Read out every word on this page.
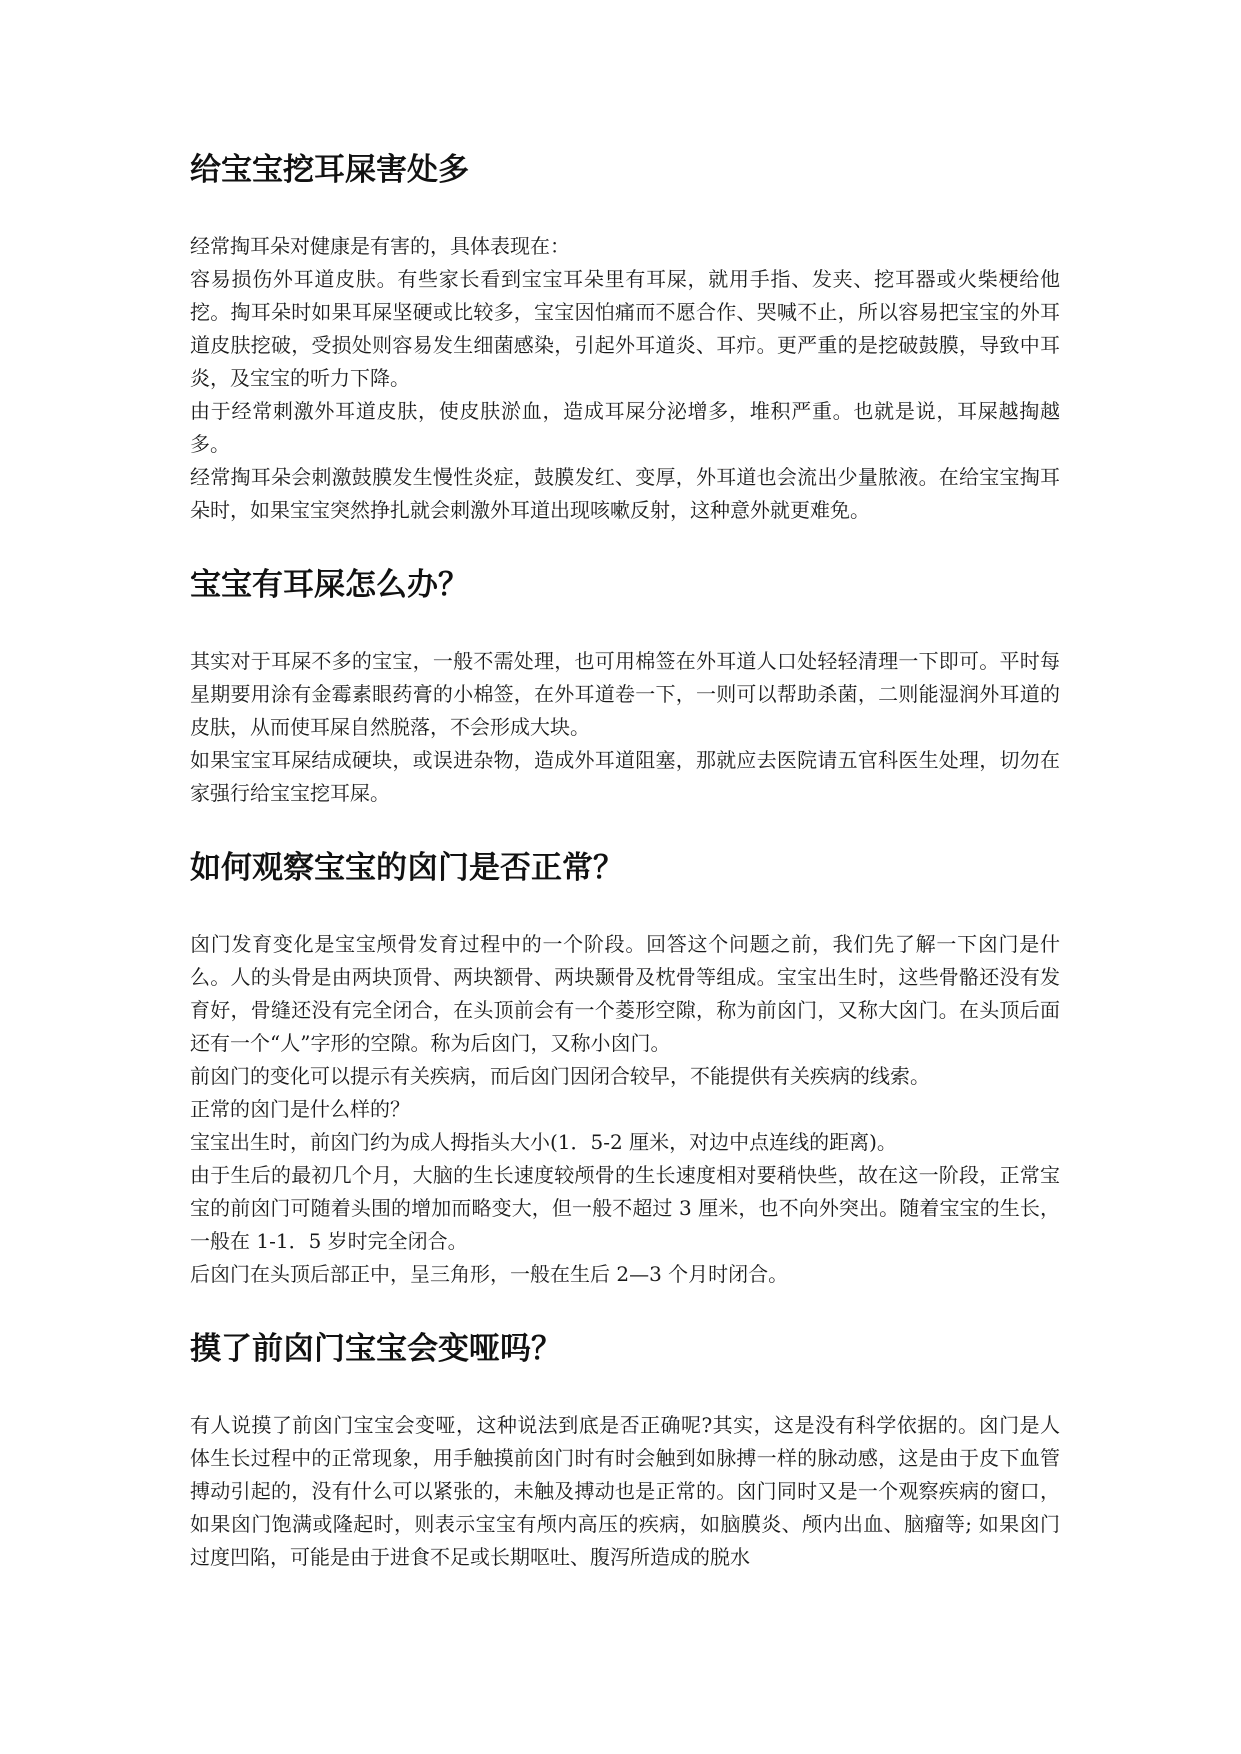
给宝宝挖耳屎害处多

经常掏耳朵对健康是有害的，具体表现在：

容易损伤外耳道皮肤。有些家长看到宝宝耳朵里有耳屎，就用手指、发夹、挖耳器或火柴梗给他挖。掏耳朵时如果耳屎坚硬或比较多，宝宝因怕痛而不愿合作、哭喊不止，所以容易把宝宝的外耳道皮肤挖破，受损处则容易发生细菌感染，引起外耳道炎、耳疖。更严重的是挖破鼓膜，导致中耳炎，及宝宝的听力下降。

由于经常刺激外耳道皮肤，使皮肤淤血，造成耳屎分泌增多，堆积严重。也就是说，耳屎越掏越多。

经常掏耳朵会刺激鼓膜发生慢性炎症，鼓膜发红、变厚，外耳道也会流出少量脓液。在给宝宝掏耳朵时，如果宝宝突然挣扎就会刺激外耳道出现咳嗽反射，这种意外就更难免。

宝宝有耳屎怎么办？

其实对于耳屎不多的宝宝，一般不需处理，也可用棉签在外耳道人口处轻轻清理一下即可。平时每星期要用涂有金霉素眼药膏的小棉签，在外耳道卷一下，一则可以帮助杀菌，二则能湿润外耳道的皮肤，从而使耳屎自然脱落，不会形成大块。

如果宝宝耳屎结成硬块，或误进杂物，造成外耳道阻塞，那就应去医院请五官科医生处理，切勿在家强行给宝宝挖耳屎。

如何观察宝宝的囟门是否正常？

囟门发育变化是宝宝颅骨发育过程中的一个阶段。回答这个问题之前，我们先了解一下囟门是什么。人的头骨是由两块顶骨、两块额骨、两块颞骨及枕骨等组成。宝宝出生时，这些骨骼还没有发育好，骨缝还没有完全闭合，在头顶前会有一个菱形空隙，称为前囟门，又称大囟门。在头顶后面还有一个“人”字形的空隙。称为后囟门，又称小囟门。

前囟门的变化可以提示有关疾病，而后囟门因闭合较早，不能提供有关疾病的线索。

正常的囟门是什么样的？

宝宝出生时，前囟门约为成人拇指头大小(1．5-2 厘米，对边中点连线的距离)。

由于生后的最初几个月，大脑的生长速度较颅骨的生长速度相对要稍快些，故在这一阶段，正常宝宝的前囟门可随着头围的增加而略变大，但一般不超过 3 厘米，也不向外突出。随着宝宝的生长，一般在 1-1．5 岁时完全闭合。

后囟门在头顶后部正中，呈三角形，一般在生后 2—3 个月时闭合。

摸了前囟门宝宝会变哑吗？

有人说摸了前囟门宝宝会变哑，这种说法到底是否正确呢?其实，这是没有科学依据的。囟门是人体生长过程中的正常现象，用手触摸前囟门时有时会触到如脉搏一样的脉动感，这是由于皮下血管搏动引起的，没有什么可以紧张的，未触及搏动也是正常的。囟门同时又是一个观察疾病的窗口，如果囟门饱满或隆起时，则表示宝宝有颅内高压的疾病，如脑膜炎、颅内出血、脑瘤等; 如果囟门过度凹陷，可能是由于进食不足或长期呕吐、腹泻所造成的脱水
